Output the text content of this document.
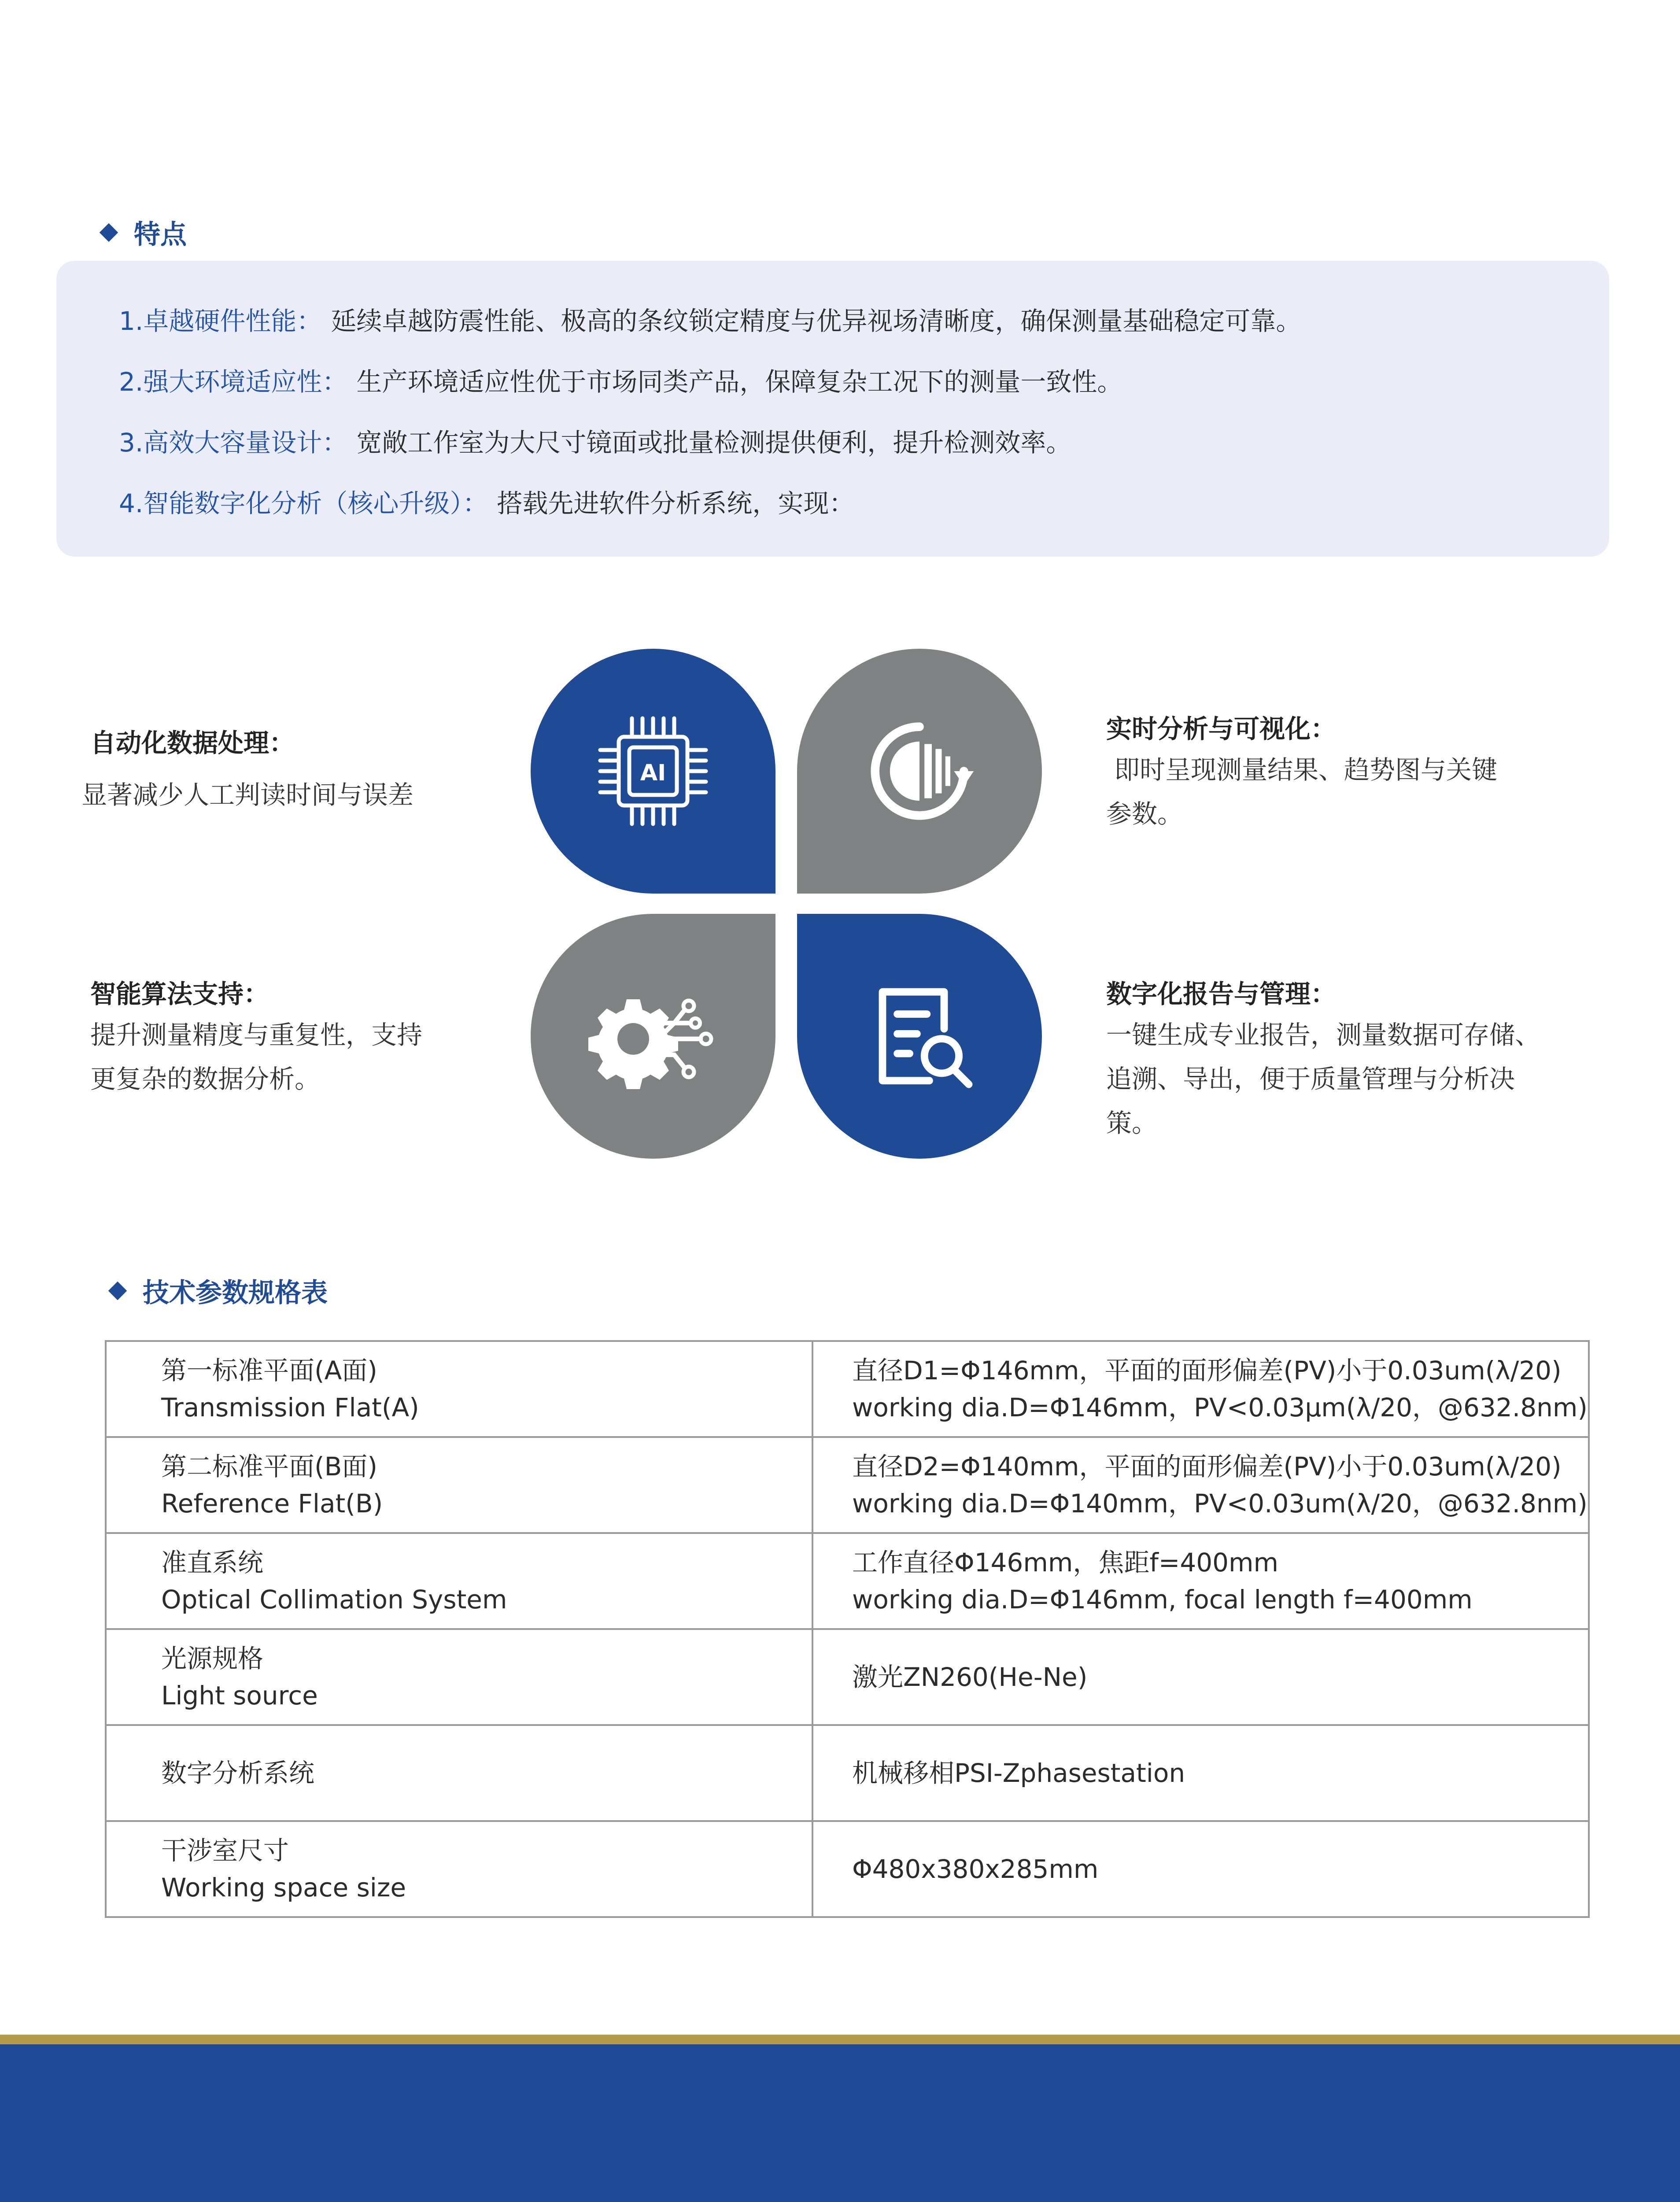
特点
1.卓越硬件性能： 延续卓越防震性能、极高的条纹锁定精度与优异视场清晰度，确保测量基础稳定可靠。
2.强大环境适应性： 生产环境适应性优于市场同类产品，保障复杂工况下的测量一致性。
3.高效大容量设计： 宽敞工作室为大尺寸镜面或批量检测提供便利，提升检测效率。
4.智能数字化分析（核心升级）： 搭载先进软件分析系统，实现：
AI
自动化数据处理：
显著减少人工判读时间与误差
实时分析与可视化：
即时呈现测量结果、趋势图与关键
参数。
智能算法支持：
提升测量精度与重复性，支持
更复杂的数据分析。
数字化报告与管理：
一键生成专业报告，测量数据可存储、
追溯、导出，便于质量管理与分析决
策。
技术参数规格表
第一标准平面(A面)
Transmission Flat(A)	直径D1=Φ146mm，平面的面形偏差(PV)小于0.03um(λ/20)
working dia.D=Φ146mm，PV<0.03μm(λ/20，@632.8nm)

第二标准平面(B面)
Reference Flat(B)	直径D2=Φ140mm，平面的面形偏差(PV)小于0.03um(λ/20)
working dia.D=Φ140mm，PV<0.03um(λ/20，@632.8nm)

准直系统
Optical Collimation System	工作直径Φ146mm，焦距f=400mm
working dia.D=Φ146mm, focal length f=400mm

光源规格
Light source	激光ZN260(He-Ne)

数字分析系统	机械移相PSI-Zphasestation

干涉室尺寸
Working space size	Φ480x380x285mm
